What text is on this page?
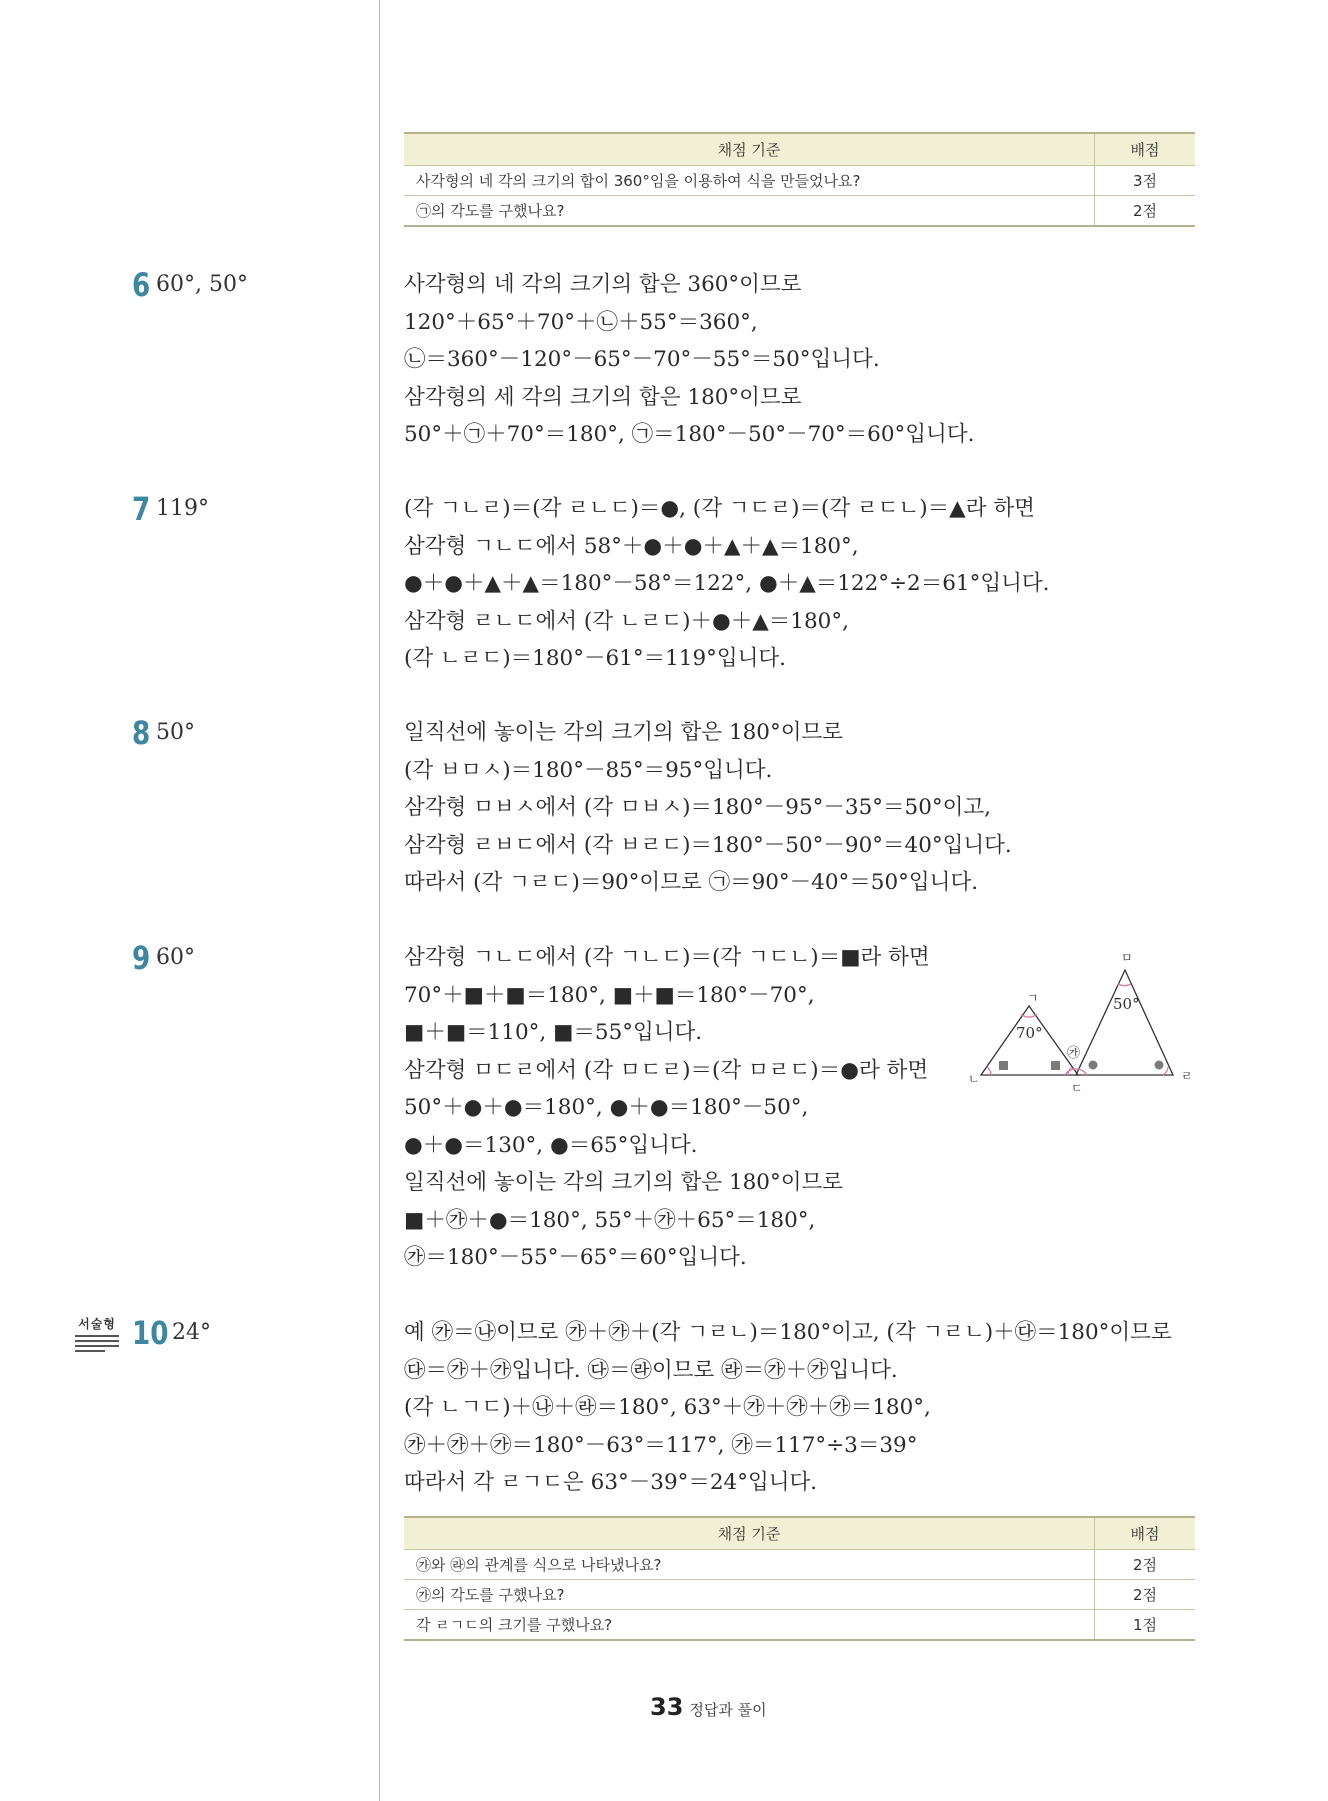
채점 기준	배점
사각형의 네 각의 크기의 합이 360°임을 이용하여 식을 만들었나요?	3점
㉠의 각도를 구했나요?	2점
6 60°, 50°	사각형의 네 각의 크기의 합은 360°이므로
120°＋65°＋70°＋㉡＋55°＝360°,
㉡＝360°－120°－65°－70°－55°＝50°입니다.
삼각형의 세 각의 크기의 합은 180°이므로
50°＋㉠＋70°＝180°, ㉠＝180°－50°－70°＝60°입니다.
7 119°	(각 ㄱㄴㄹ)＝(각 ㄹㄴㄷ)＝●, (각 ㄱㄷㄹ)＝(각 ㄹㄷㄴ)＝▲라 하면
삼각형 ㄱㄴㄷ에서 58°＋●＋●＋▲＋▲＝180°,
●＋●＋▲＋▲＝180°－58°＝122°, ●＋▲＝122°÷2＝61°입니다.
삼각형 ㄹㄴㄷ에서 (각 ㄴㄹㄷ)＋●＋▲＝180°,
(각 ㄴㄹㄷ)＝180°－61°＝119°입니다.
8 50°	일직선에 놓이는 각의 크기의 합은 180°이므로
(각 ㅂㅁㅅ)＝180°－85°＝95°입니다.
삼각형 ㅁㅂㅅ에서 (각 ㅁㅂㅅ)＝180°－95°－35°＝50°이고,
삼각형 ㄹㅂㄷ에서 (각 ㅂㄹㄷ)＝180°－50°－90°＝40°입니다.
따라서 (각 ㄱㄹㄷ)＝90°이므로 ㉠＝90°－40°＝50°입니다.
9 60°	삼각형 ㄱㄴㄷ에서 (각 ㄱㄴㄷ)＝(각 ㄱㄷㄴ)＝■라 하면
70°＋■＋■＝180°, ■＋■＝180°－70°,
■＋■＝110°, ■＝55°입니다.
삼각형 ㅁㄷㄹ에서 (각 ㅁㄷㄹ)＝(각 ㅁㄹㄷ)＝●라 하면
50°＋●＋●＝180°, ●＋●＝180°－50°,
●＋●＝130°, ●＝65°입니다.
일직선에 놓이는 각의 크기의 합은 180°이므로
■＋㉮＋●＝180°, 55°＋㉮＋65°＝180°,
㉮＝180°－55°－65°＝60°입니다.
ㄱ
ㄴ
ㄷ
ㄹ
ㅁ
70°
50°
㉮
서술형 10 24°	예 ㉮＝㉯이므로 ㉮＋㉮＋(각 ㄱㄹㄴ)＝180°이고, (각 ㄱㄹㄴ)＋㉰＝180°이므로
㉰＝㉮＋㉮입니다. ㉰＝㉱이므로 ㉱＝㉮＋㉮입니다.
(각 ㄴㄱㄷ)＋㉯＋㉱＝180°, 63°＋㉮＋㉮＋㉮＝180°,
㉮＋㉮＋㉮＝180°－63°＝117°, ㉮＝117°÷3＝39°
따라서 각 ㄹㄱㄷ은 63°－39°＝24°입니다.
채점 기준	배점
㉮와 ㉱의 관계를 식으로 나타냈나요?	2점
㉮의 각도를 구했나요?	2점
각 ㄹㄱㄷ의 크기를 구했나요?	1점
33 정답과 풀이
